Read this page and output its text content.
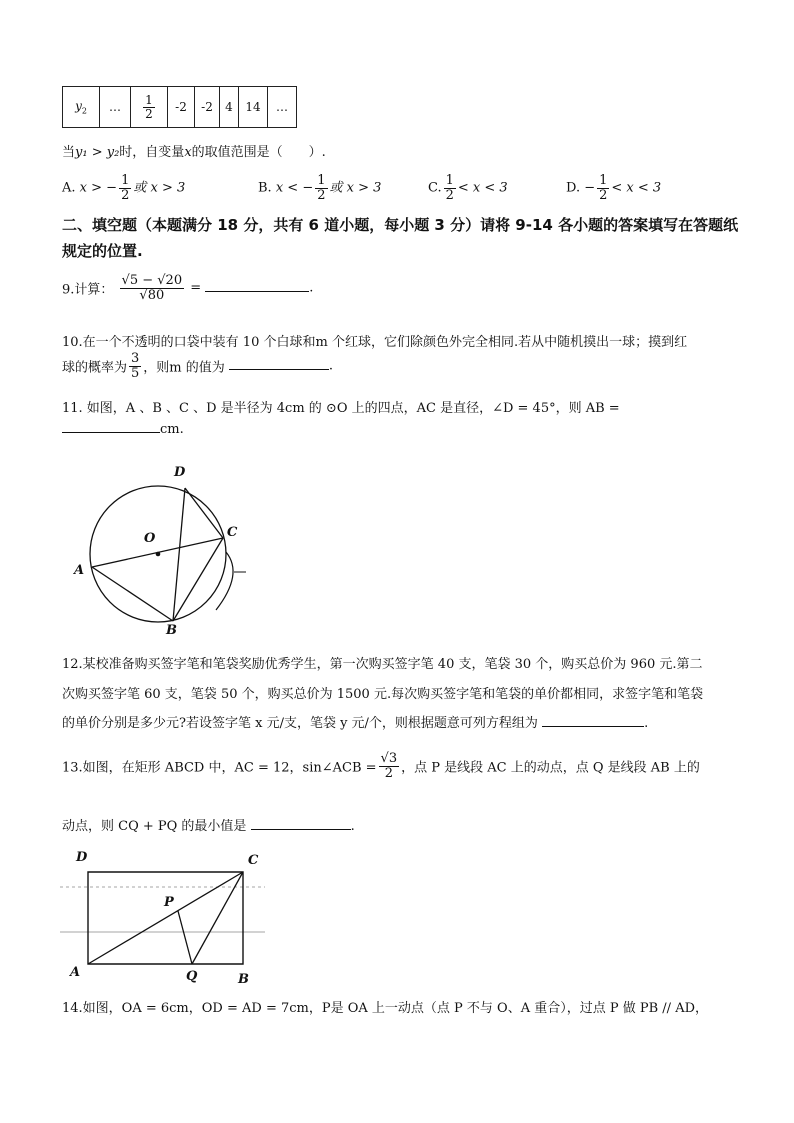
$y_2$	…	$\frac{1}{2}$	-2	-2	4	14	…
当y₁ > y₂时，自变量x的取值范围是（　　）.
A. x > − $\frac{1}{2}$ 或 x > 3	B. x < − $\frac{1}{2}$ 或 x > 3	C. $\frac{1}{2} < x < 3$	D. − $\frac{1}{2} < x < 3$
二、填空题（本题满分 18 分，共有 6 道小题，每小题 3 分）请将 9-14 各小题的答案填写在答题纸规定的位置.
9.计算： $\frac{√5 - √20}{√80}$ =	.
10.在一个不透明的口袋中装有 10 个白球和m 个红球，它们除颜色外完全相同.若从中随机摸出一球；摸到红
球的概率为 $\frac{3}{5}$ ，则m 的值为	.
11. 如图，A 、B 、C 、D 是半径为 4cm 的 ⊙O 上的四点，AC 是直径，∠D = 45°，则 AB =
cm.
A
B
C
D
O
12.某校准备购买签字笔和笔袋奖励优秀学生，第一次购买签字笔 40 支，笔袋 30 个，购买总价为 960 元.第二
次购买签字笔 60 支，笔袋 50 个，购买总价为 1500 元.每次购买签字笔和笔袋的单价都相同，求签字笔和笔袋
的单价分别是多少元?若设签字笔 x 元/支，笔袋 y 元/个，则根据题意可列方程组为	.
13.如图，在矩形 ABCD 中，AC = 12，sin∠ACB = $\frac{√3}{2}$ ，点 P 是线段 AC 上的动点，点 Q 是线段 AB 上的
动点，则 CQ + PQ 的最小值是	.
D	C
A	B
P
Q
14.如图，OA = 6cm，OD = AD = 7cm，P是 OA 上一动点（点 P 不与 O、A 重合），过点 P 做 PB // AD，
